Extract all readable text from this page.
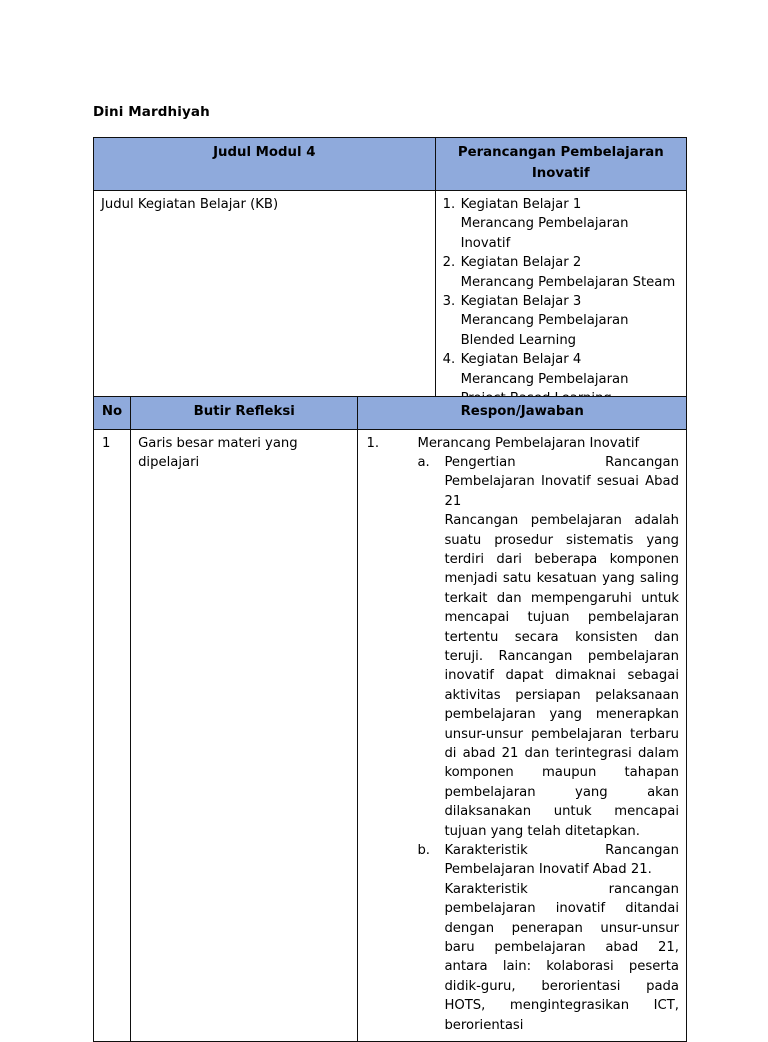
Dini Mardhiyah
Judul Modul 4	Perancangan Pembelajaran
Inovatif

Judul Kegiatan Belajar (KB)	1. Kegiatan Belajar 1
Merancang Pembelajaran
Inovatif
2. Kegiatan Belajar 2
Merancang Pembelajaran Steam
3. Kegiatan Belajar 3
Merancang Pembelajaran
Blended Learning
4. Kegiatan Belajar 4
Merancang Pembelajaran
No	Butir Refleksi	Respon/Jawaban
1	Garis besar materi yang dipelajari	
1.	Merancang Pembelajaran Inovatif
a. Pengertian Rancangan Pembelajaran Inovatif sesuai Abad 21
Rancangan pembelajaran adalah suatu prosedur sistematis yang terdiri dari beberapa komponen menjadi satu kesatuan yang saling terkait dan mempengaruhi untuk mencapai tujuan pembelajaran tertentu secara konsisten dan teruji. Rancangan pembelajaran inovatif dapat dimaknai sebagai aktivitas persiapan pelaksanaan pembelajaran yang menerapkan unsur-unsur pembelajaran terbaru di abad 21 dan terintegrasi dalam komponen maupun tahapan pembelajaran yang akan dilaksanakan untuk mencapai tujuan yang telah ditetapkan.
b. Karakteristik Rancangan Pembelajaran Inovatif Abad 21.
Karakteristik rancangan pembelajaran inovatif ditandai dengan penerapan unsur-unsur baru pembelajaran abad 21, antara lain: kolaborasi peserta didik-guru, berorientasi pada HOTS, mengintegrasikan ICT, berorientasi
